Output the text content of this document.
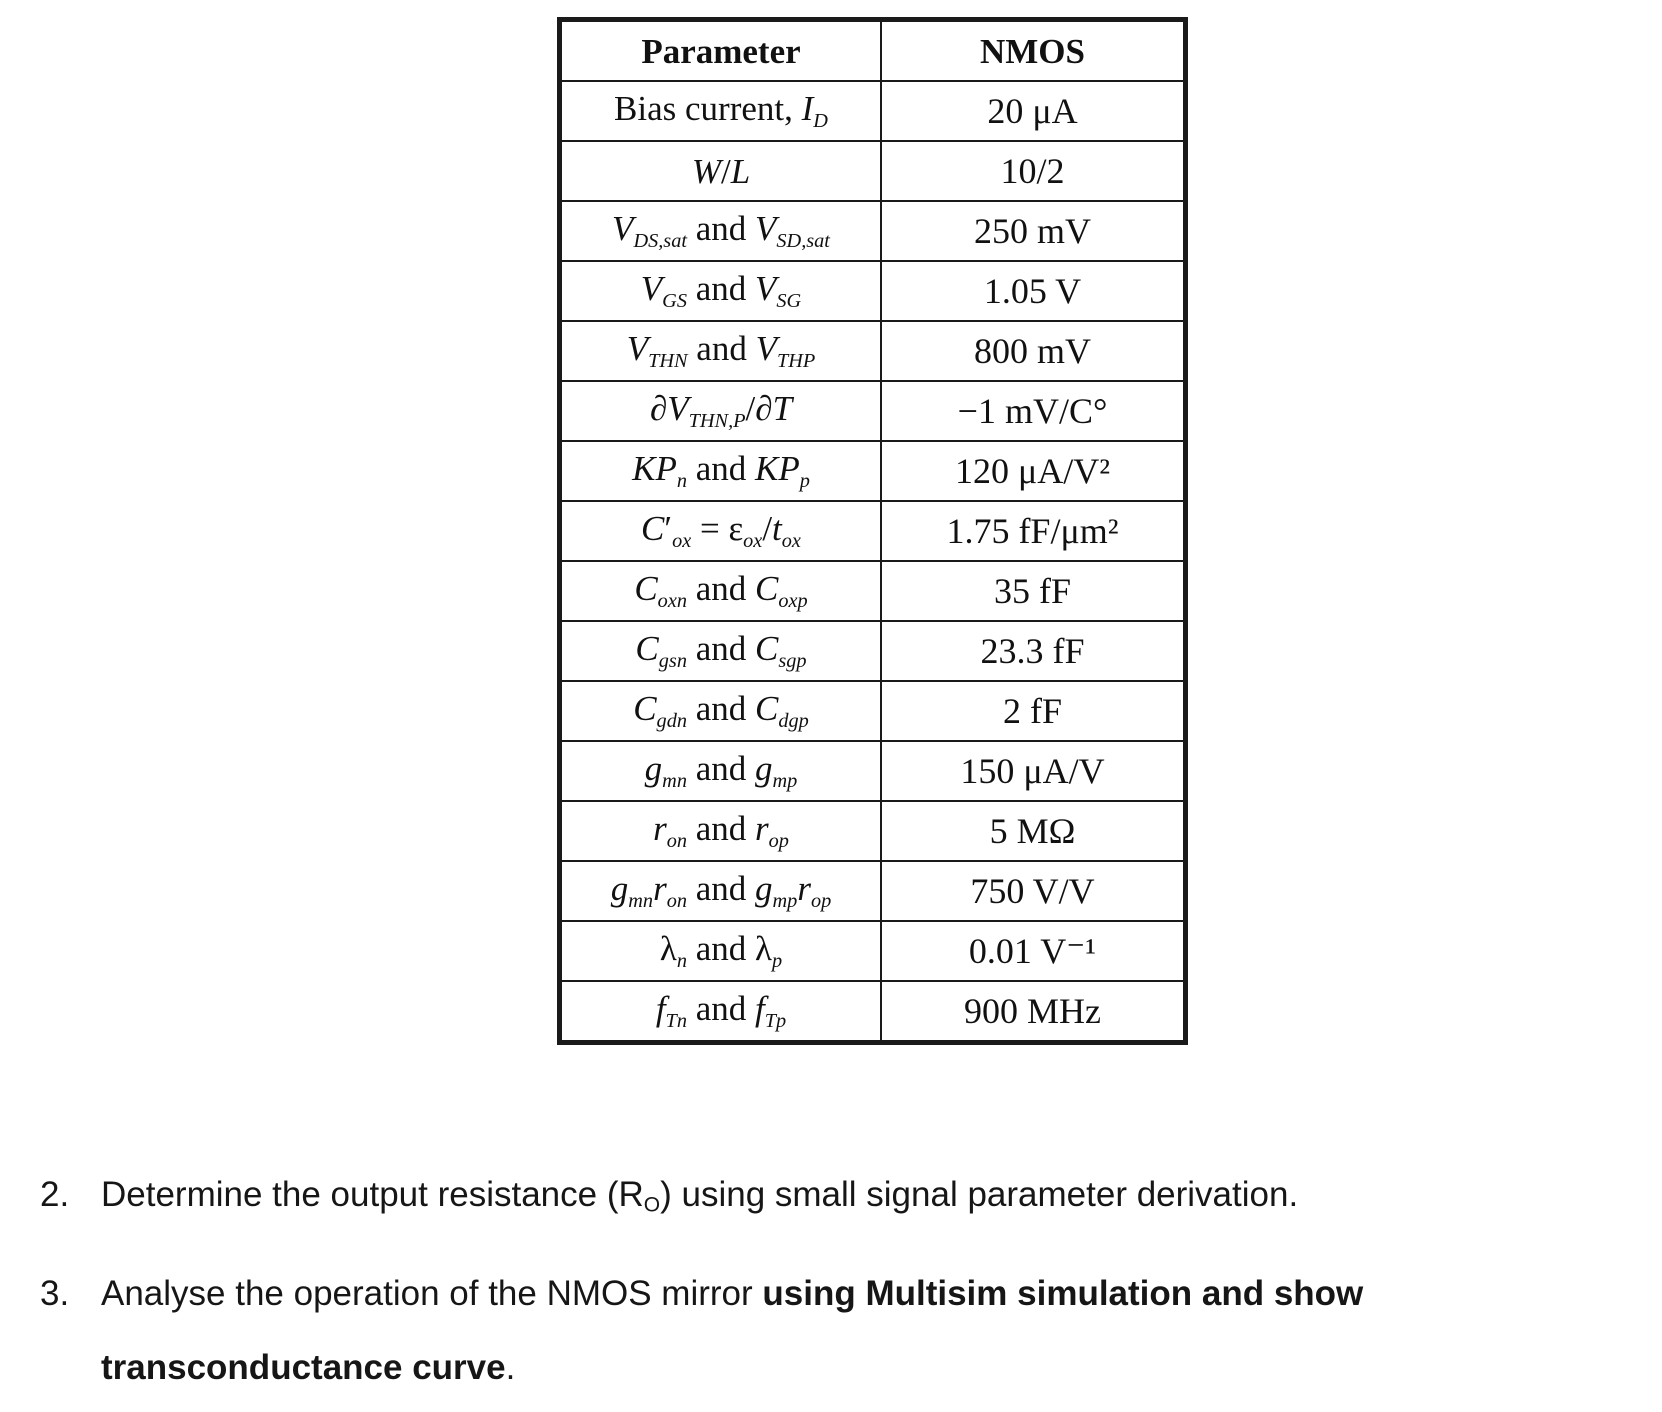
Parameter	NMOS
Bias current, $I_D$	20 μA
W/L	10/2
$V_{DS,sat}$ and $V_{SD,sat}$	250 mV
$V_{GS}$ and $V_{SG}$	1.05 V
$V_{THN}$ and $V_{THP}$	800 mV
$\partial V_{THN,P}/\partial T$	−1 mV/C°
$KP_n$ and $KP_p$	120 μA/V²
$C'_{ox} = \varepsilon_{ox}/t_{ox}$	1.75 fF/μm²
$C_{oxn}$ and $C_{oxp}$	35 fF
$C_{gsn}$ and $C_{sgp}$	23.3 fF
$C_{gdn}$ and $C_{dgp}$	2 fF
$g_{mn}$ and $g_{mp}$	150 μA/V
$r_{on}$ and $r_{op}$	5 MΩ
$g_{mn}r_{on}$ and $g_{mp}r_{op}$	750 V/V
$\lambda_n$ and $\lambda_p$	0.01 V⁻¹
$f_{Tn}$ and $f_{Tp}$	900 MHz
2. Determine the output resistance $(R_O)$ using small signal parameter derivation.
3. Analyse the operation of the NMOS mirror using Multisim simulation and show transconductance curve.
